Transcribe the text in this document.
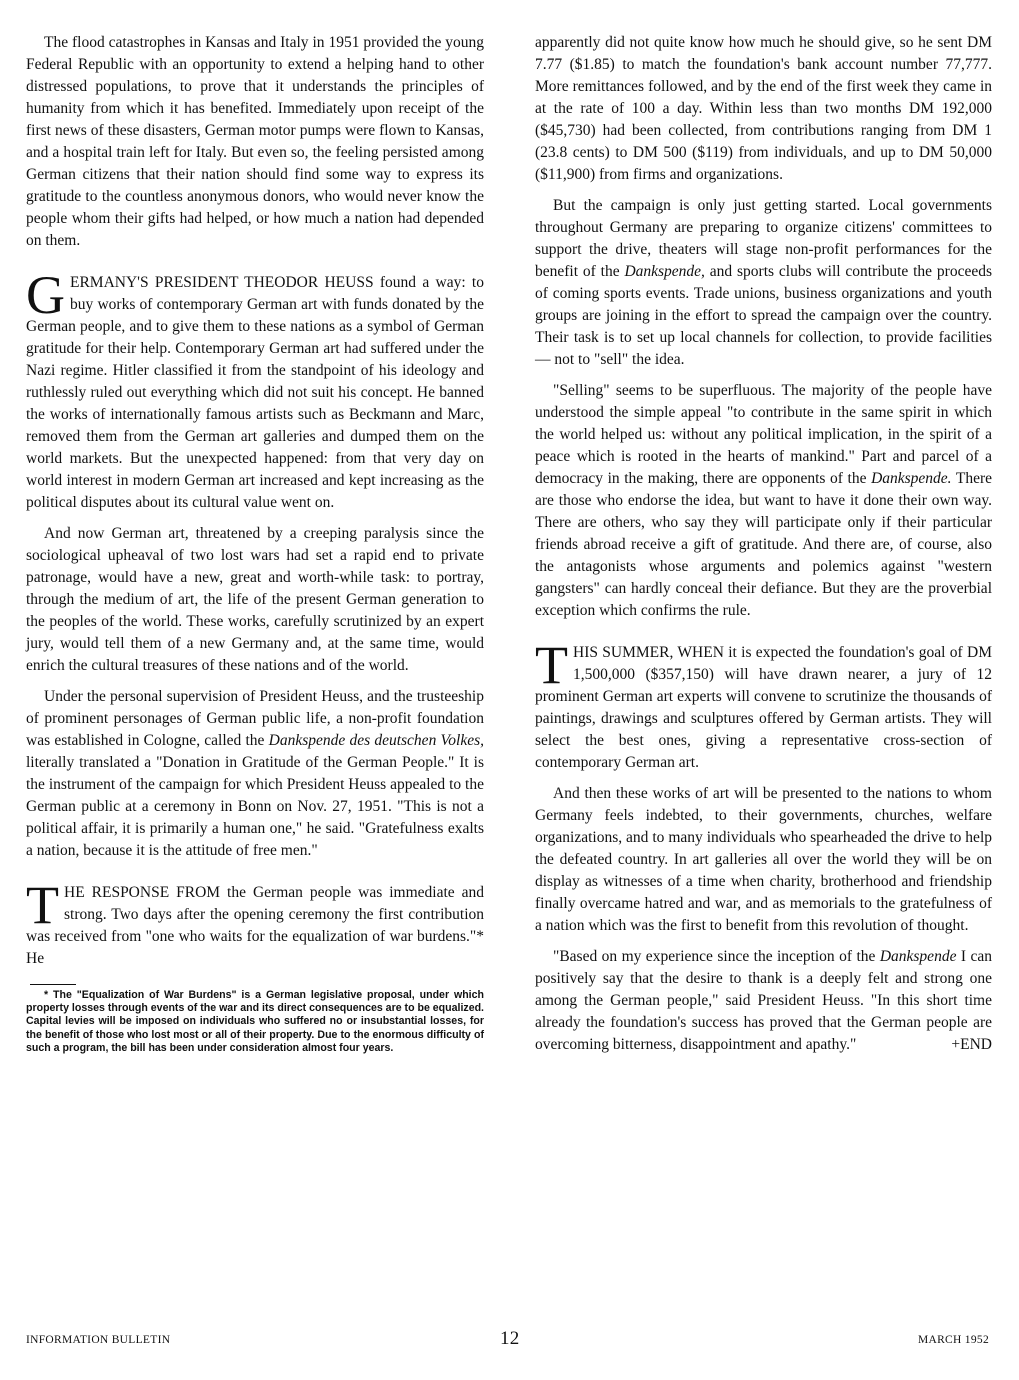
The flood catastrophes in Kansas and Italy in 1951 provided the young Federal Republic with an opportunity to extend a helping hand to other distressed populations, to prove that it understands the principles of humanity from which it has benefited. Immediately upon receipt of the first news of these disasters, German motor pumps were flown to Kansas, and a hospital train left for Italy. But even so, the feeling persisted among German citizens that their nation should find some way to express its gratitude to the countless anonymous donors, who would never know the people whom their gifts had helped, or how much a nation had depended on them.

GERMANY'S PRESIDENT THEODOR HEUSS found a way: to buy works of contemporary German art with funds donated by the German people, and to give them to these nations as a symbol of German gratitude for their help. Contemporary German art had suffered under the Nazi regime. Hitler classified it from the standpoint of his ideology and ruthlessly ruled out everything which did not suit his concept. He banned the works of internationally famous artists such as Beckmann and Marc, removed them from the German art galleries and dumped them on the world markets. But the unexpected happened: from that very day on world interest in modern German art increased and kept increasing as the political disputes about its cultural value went on.

And now German art, threatened by a creeping paralysis since the sociological upheaval of two lost wars had set a rapid end to private patronage, would have a new, great and worth-while task: to portray, through the medium of art, the life of the present German generation to the peoples of the world. These works, carefully scrutinized by an expert jury, would tell them of a new Germany and, at the same time, would enrich the cultural treasures of these nations and of the world.

Under the personal supervision of President Heuss, and the trusteeship of prominent personages of German public life, a non-profit foundation was established in Cologne, called the Dankspende des deutschen Volkes, literally translated a "Donation in Gratitude of the German People." It is the instrument of the campaign for which President Heuss appealed to the German public at a ceremony in Bonn on Nov. 27, 1951. "This is not a political affair, it is primarily a human one," he said. "Gratefulness exalts a nation, because it is the attitude of free men."

THE RESPONSE FROM the German people was immediate and strong. Two days after the opening ceremony the first contribution was received from "one who waits for the equalization of war burdens."* He

* The "Equalization of War Burdens" is a German legislative proposal, under which property losses through events of the war and its direct consequences are to be equalized. Capital levies will be imposed on individuals who suffered no or insubstantial losses, for the benefit of those who lost most or all of their property. Due to the enormous difficulty of such a program, the bill has been under consideration almost four years.

apparently did not quite know how much he should give, so he sent DM 7.77 ($1.85) to match the foundation's bank account number 77,777. More remittances followed, and by the end of the first week they came in at the rate of 100 a day. Within less than two months DM 192,000 ($45,730) had been collected, from contributions ranging from DM 1 (23.8 cents) to DM 500 ($119) from individuals, and up to DM 50,000 ($11,900) from firms and organizations.

But the campaign is only just getting started. Local governments throughout Germany are preparing to organize citizens' committees to support the drive, theaters will stage non-profit performances for the benefit of the Dankspende, and sports clubs will contribute the proceeds of coming sports events. Trade unions, business organizations and youth groups are joining in the effort to spread the campaign over the country. Their task is to set up local channels for collection, to provide facilities — not to "sell" the idea.

"Selling" seems to be superfluous. The majority of the people have understood the simple appeal "to contribute in the same spirit in which the world helped us: without any political implication, in the spirit of a peace which is rooted in the hearts of mankind." Part and parcel of a democracy in the making, there are opponents of the Dankspende. There are those who endorse the idea, but want to have it done their own way. There are others, who say they will participate only if their particular friends abroad receive a gift of gratitude. And there are, of course, also the antagonists whose arguments and polemics against "western gangsters" can hardly conceal their defiance. But they are the proverbial exception which confirms the rule.

THIS SUMMER, WHEN it is expected the foundation's goal of DM 1,500,000 ($357,150) will have drawn nearer, a jury of 12 prominent German art experts will convene to scrutinize the thousands of paintings, drawings and sculptures offered by German artists. They will select the best ones, giving a representative cross-section of contemporary German art.

And then these works of art will be presented to the nations to whom Germany feels indebted, to their governments, churches, welfare organizations, and to many individuals who spearheaded the drive to help the defeated country. In art galleries all over the world they will be on display as witnesses of a time when charity, brotherhood and friendship finally overcame hatred and war, and as memorials to the gratefulness of a nation which was the first to benefit from this revolution of thought.

"Based on my experience since the inception of the Dankspende I can positively say that the desire to thank is a deeply felt and strong one among the German people," said President Heuss. "In this short time already the foundation's success has proved that the German people are overcoming bitterness, disappointment and apathy."	+END

INFORMATION BULLETIN	12	MARCH 1952
